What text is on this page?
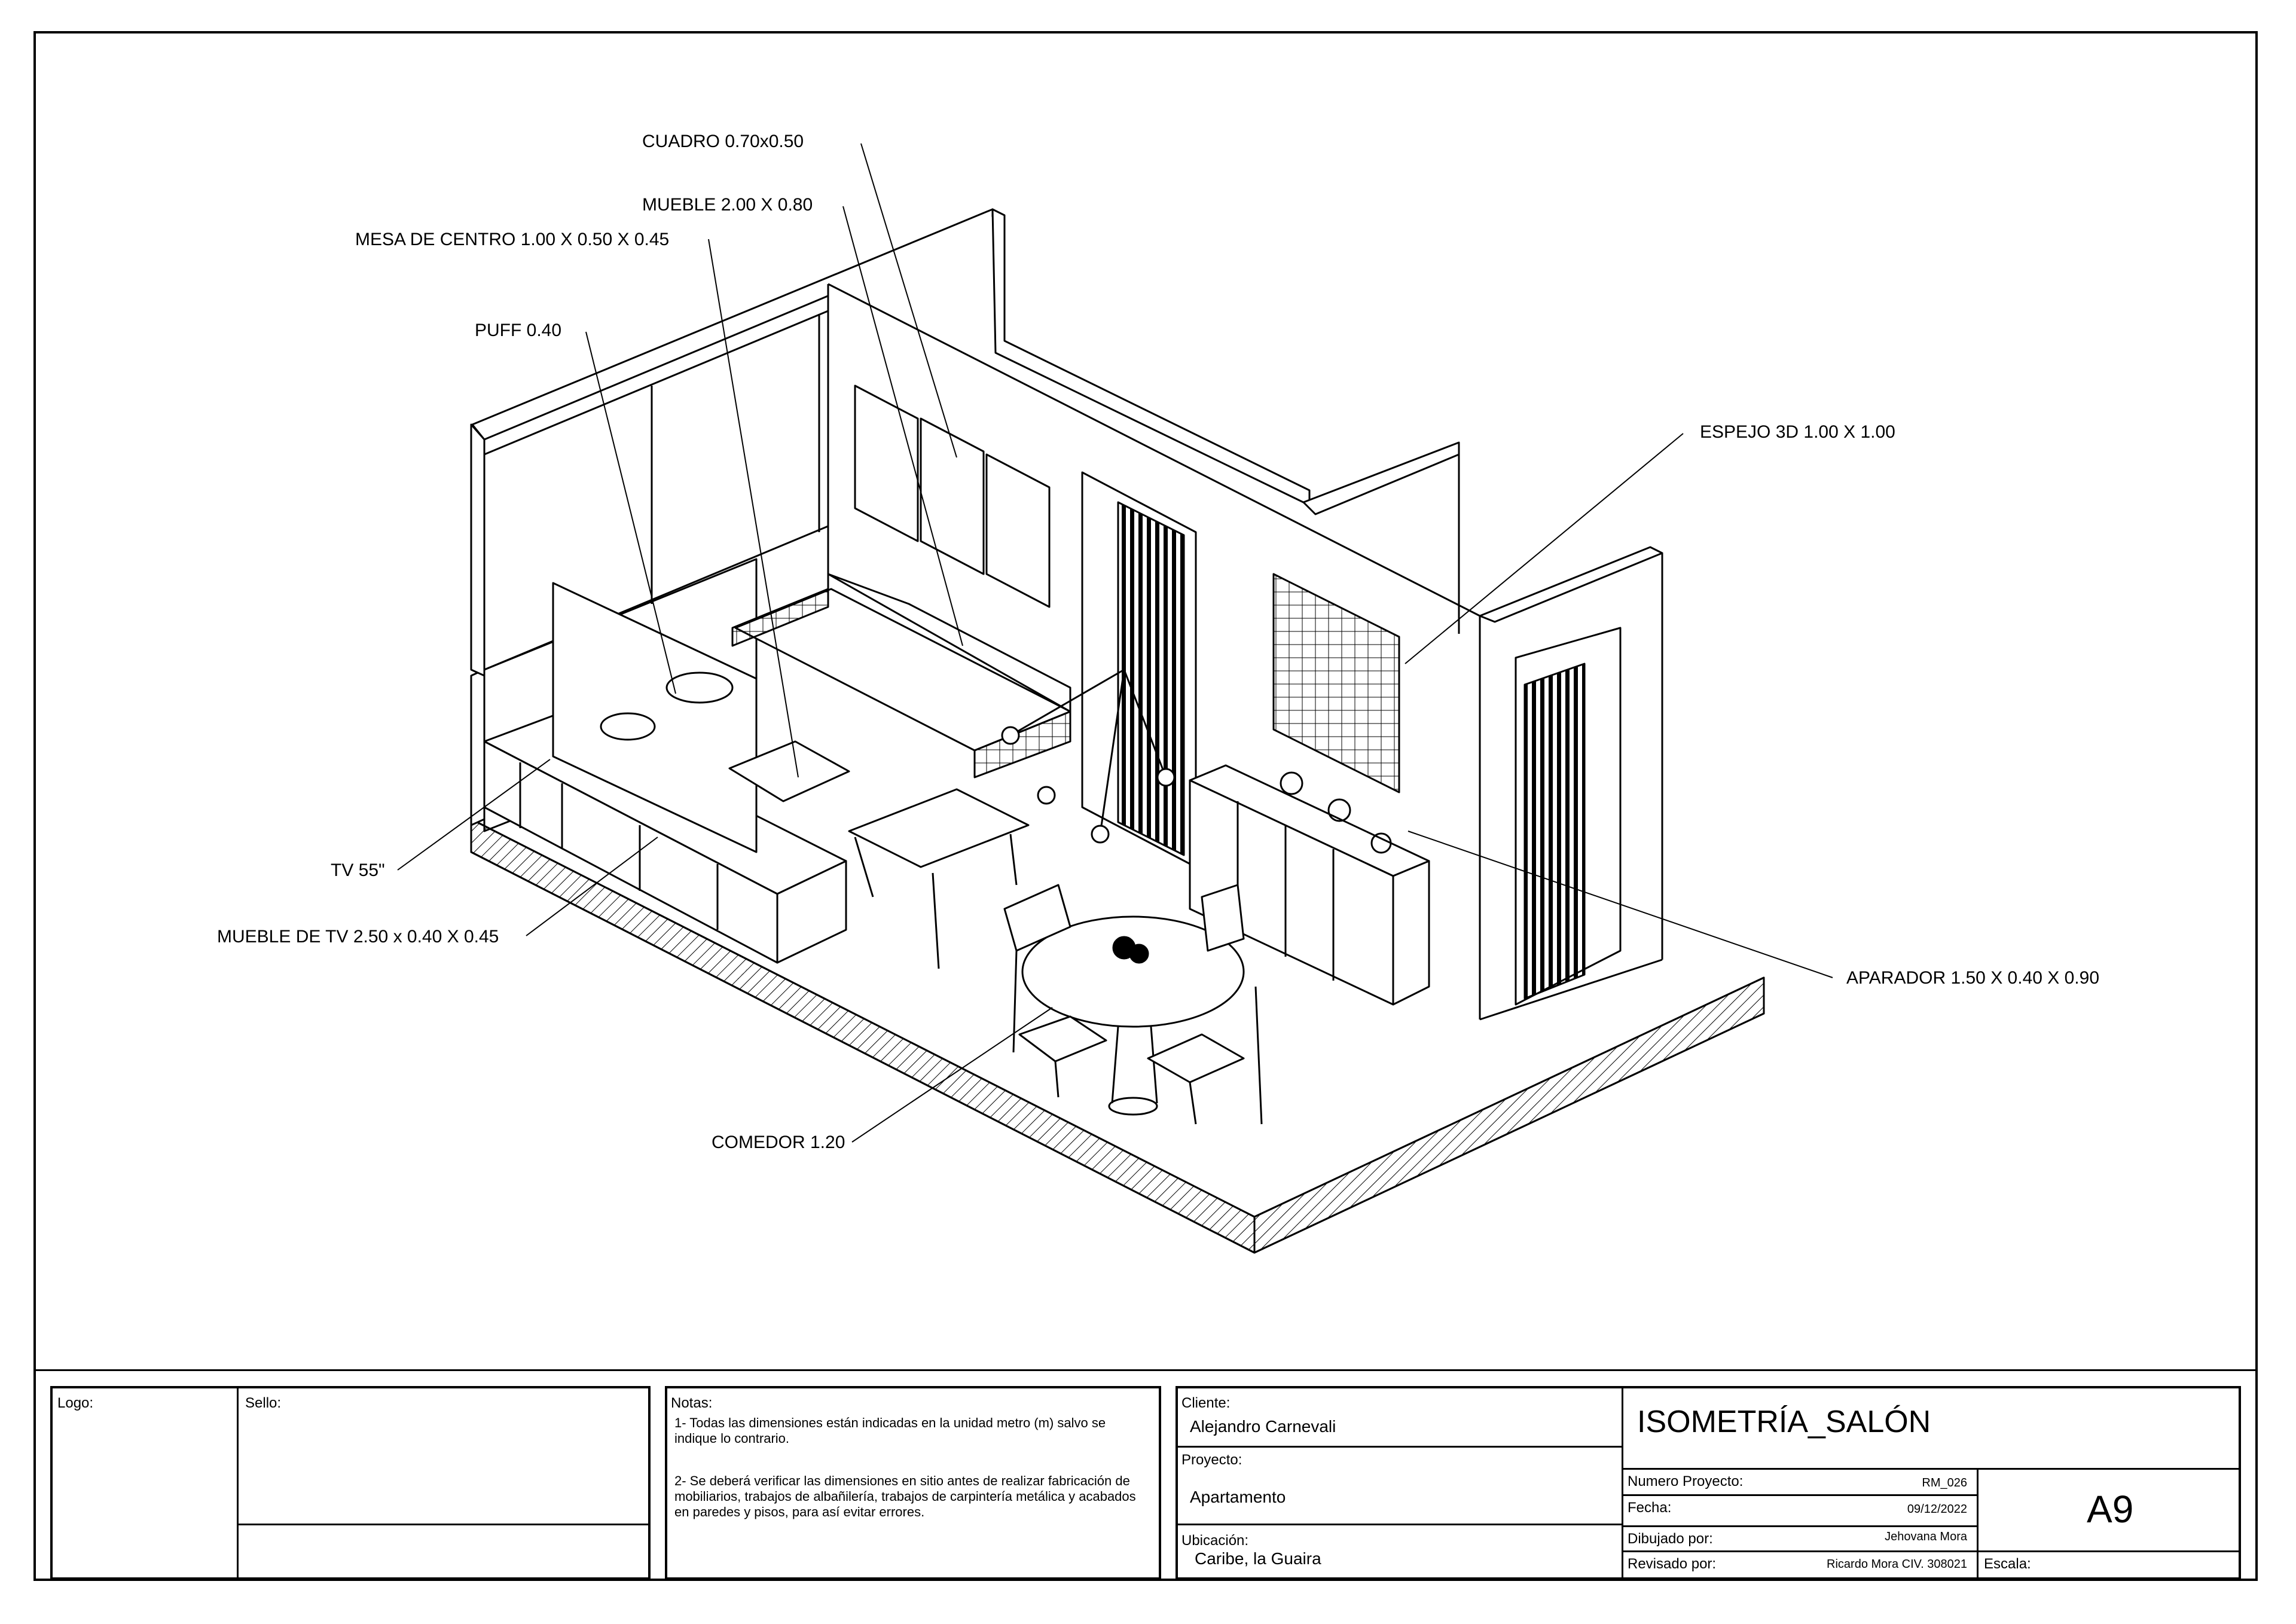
CUADRO 0.70x0.50
MUEBLE 2.00 X 0.80
MESA DE CENTRO 1.00 X 0.50 X 0.45
PUFF 0.40
ESPEJO 3D 1.00 X 1.00
TV 55"
MUEBLE DE TV 2.50 x 0.40 X 0.45
APARADOR 1.50 X 0.40 X 0.90
COMEDOR 1.20
Logo:	Sello:	Notas:
1- Todas las dimensiones están indicadas en la unidad metro (m) salvo se indique lo contrario.
2- Se deberá verificar las dimensiones en sitio antes de realizar fabricación de mobiliarios, trabajos de albañilería, trabajos de carpintería metálica y acabados en paredes y pisos, para así evitar errores.
Cliente:
Alejandro Carnevali
Proyecto:
Apartamento
Ubicación:
Caribe, la Guaira
ISOMETRÍA_SALÓN
Numero Proyecto:	RM_026
Fecha:	09/12/2022
Dibujado por:	Jehovana Mora
Revisado por:	Ricardo Mora CIV. 308021
A9
Escala:
